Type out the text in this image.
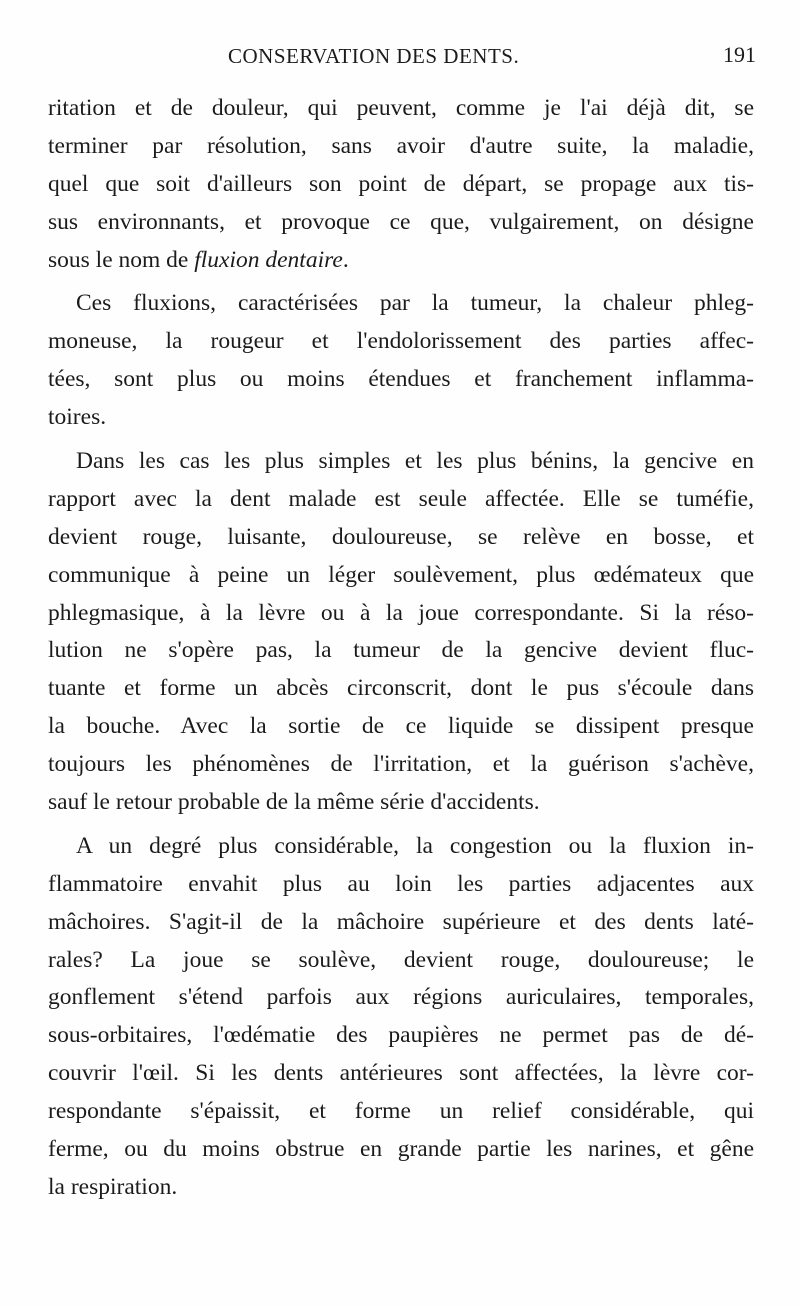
CONSERVATION DES DENTS.	191
ritation et de douleur, qui peuvent, comme je l'ai déjà dit, se
terminer par résolution, sans avoir d'autre suite, la maladie,
quel que soit d'ailleurs son point de départ, se propage aux tis-
sus environnants, et provoque ce que, vulgairement, on désigne
sous le nom de fluxion dentaire.
Ces fluxions, caractérisées par la tumeur, la chaleur phleg-
moneuse, la rougeur et l'endolorissement des parties affec-
tées, sont plus ou moins étendues et franchement inflamma-
toires.
Dans les cas les plus simples et les plus bénins, la gencive en
rapport avec la dent malade est seule affectée. Elle se tuméfie,
devient rouge, luisante, douloureuse, se relève en bosse, et
communique à peine un léger soulèvement, plus œdémateux que
phlegmasique, à la lèvre ou à la joue correspondante. Si la réso-
lution ne s'opère pas, la tumeur de la gencive devient fluc-
tuante et forme un abcès circonscrit, dont le pus s'écoule dans
la bouche. Avec la sortie de ce liquide se dissipent presque
toujours les phénomènes de l'irritation, et la guérison s'achève,
sauf le retour probable de la même série d'accidents.
A un degré plus considérable, la congestion ou la fluxion in-
flammatoire envahit plus au loin les parties adjacentes aux
mâchoires. S'agit-il de la mâchoire supérieure et des dents laté-
rales? La joue se soulève, devient rouge, douloureuse; le
gonflement s'étend parfois aux régions auriculaires, temporales,
sous-orbitaires, l'œdématie des paupières ne permet pas de dé-
couvrir l'œil. Si les dents antérieures sont affectées, la lèvre cor-
respondante s'épaissit, et forme un relief considérable, qui
ferme, ou du moins obstrue en grande partie les narines, et gêne
la respiration.
